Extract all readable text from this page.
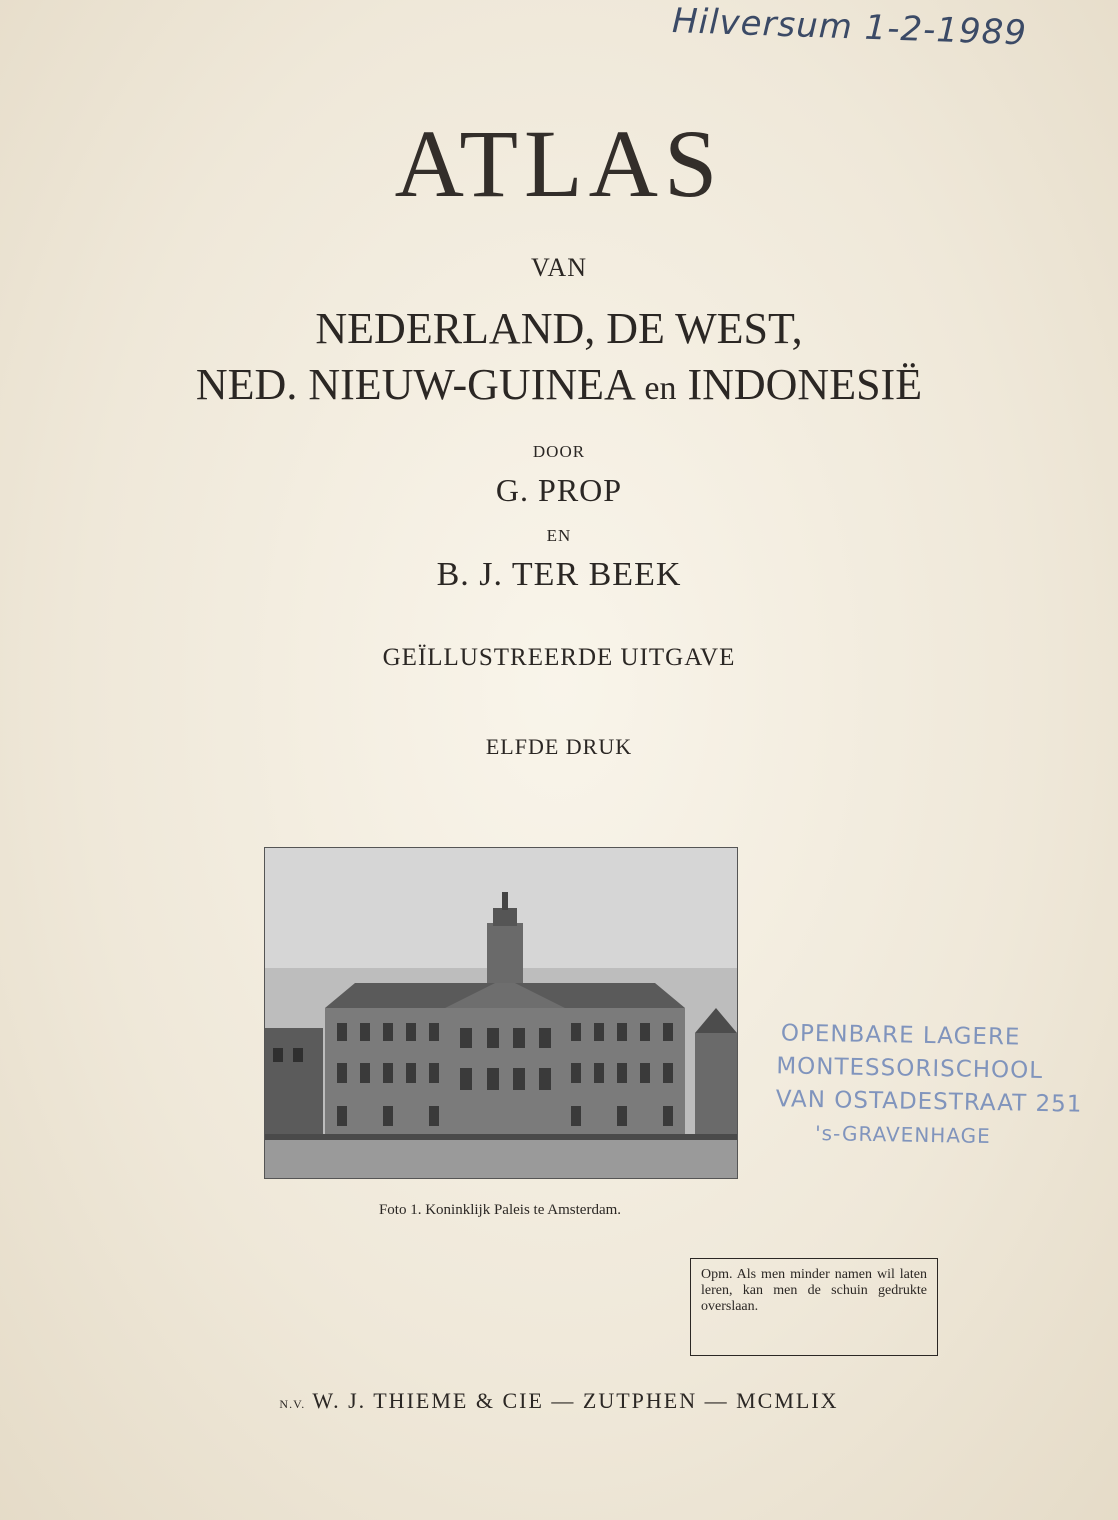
Hilversum 1-2-1989
ATLAS
VAN
NEDERLAND, DE WEST,
NED. NIEUW-GUINEA en INDONESIË
DOOR
G. PROP
EN
B. J. TER BEEK
GEÏLLUSTREERDE UITGAVE
ELFDE DRUK
Foto 1. Koninklijk Paleis te Amsterdam.
OPENBARE LAGERE
MONTESSORISCHOOL
VAN OSTADESTRAAT 251
's-GRAVENHAGE
Opm. Als men minder namen wil laten leren, kan men de schuin gedrukte overslaan.
N.V. W. J. THIEME & CIE — ZUTPHEN — MCMLIX
